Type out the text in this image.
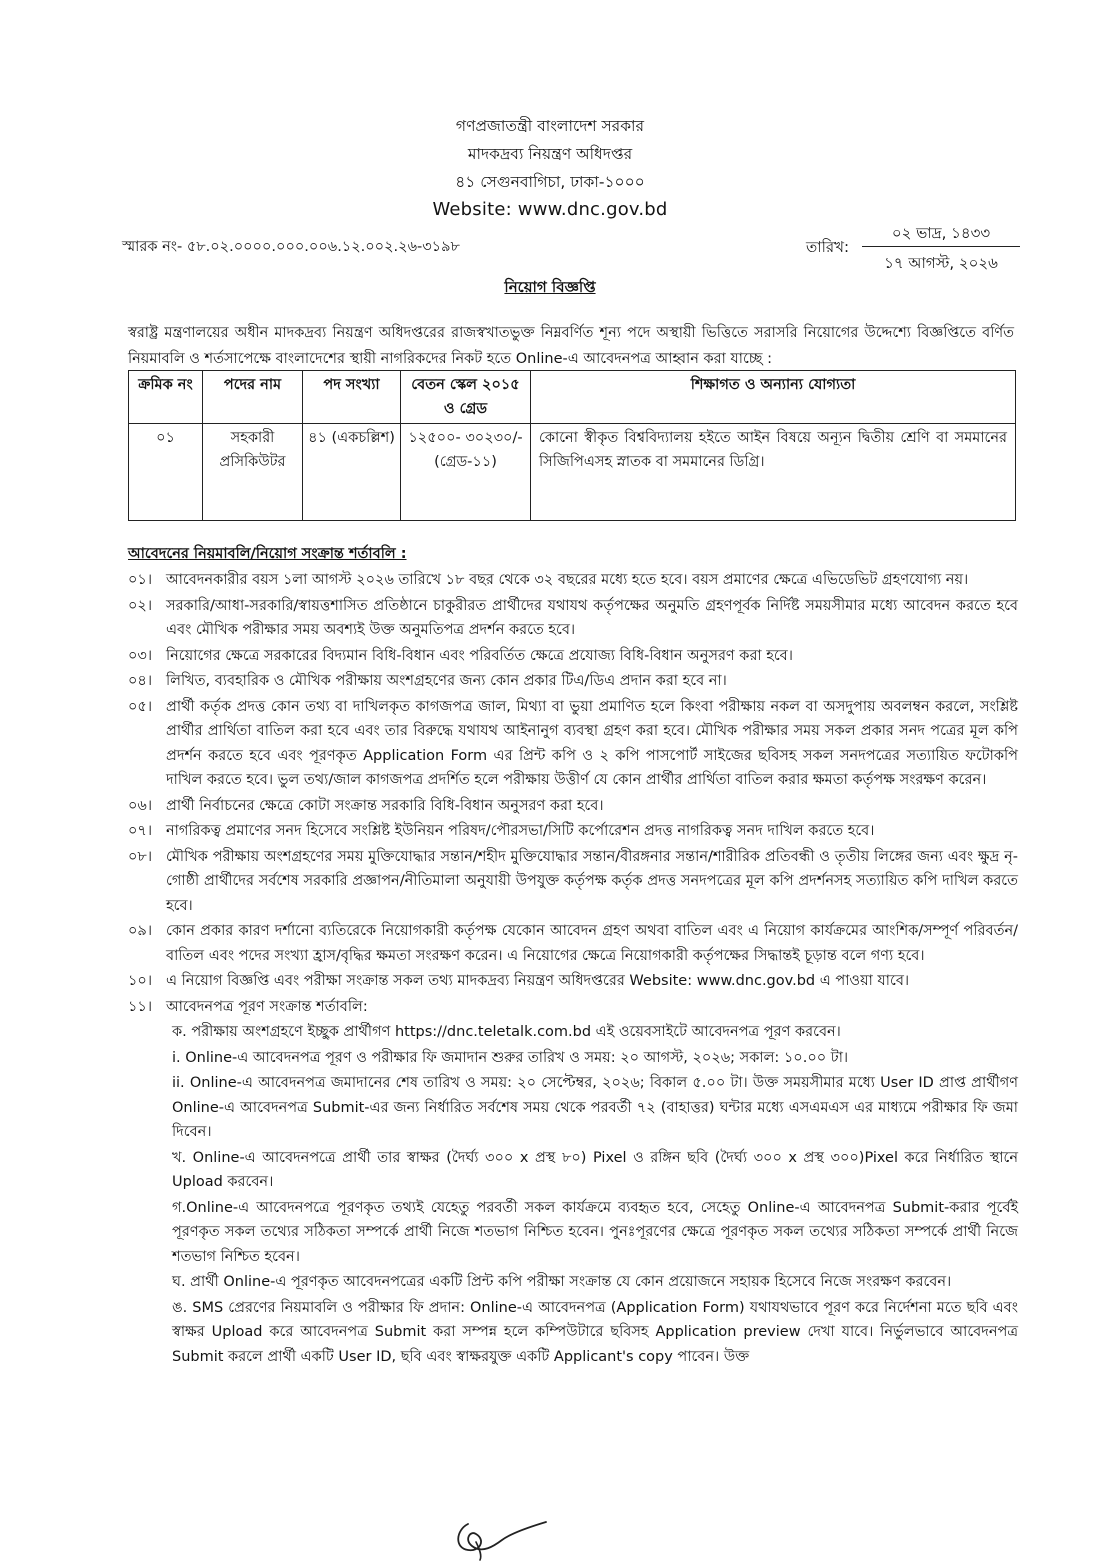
গণপ্রজাতন্ত্রী বাংলাদেশ সরকার
মাদকদ্রব্য নিয়ন্ত্রণ অধিদপ্তর
৪১ সেগুনবাগিচা, ঢাকা-১০০০
Website: www.dnc.gov.bd
স্মারক নং- ৫৮.০২.০০০০.০০০.০০৬.১২.০০২.২৬-৩১৯৮	তারিখ:
০২ ভাদ্র, ১৪৩৩
১৭ আগস্ট, ২০২৬
নিয়োগ বিজ্ঞপ্তি
স্বরাষ্ট্র মন্ত্রণালয়ের অধীন মাদকদ্রব্য নিয়ন্ত্রণ অধিদপ্তরের রাজস্বখাতভুক্ত নিম্নবর্ণিত শূন্য পদে অস্থায়ী ভিত্তিতে সরাসরি নিয়োগের উদ্দেশ্যে বিজ্ঞপ্তিতে বর্ণিত নিয়মাবলি ও শর্তসাপেক্ষে বাংলাদেশের স্থায়ী নাগরিকদের নিকট হতে Online-এ আবেদনপত্র আহ্বান করা যাচ্ছে :
ক্রমিক নং	পদের নাম	পদ সংখ্যা	বেতন স্কেল ২০১৫ ও গ্রেড	শিক্ষাগত ও অন্যান্য যোগ্যতা
০১	সহকারী প্রসিকিউটর	৪১ (একচল্লিশ)	১২৫০০- ৩০২৩০/- (গ্রেড-১১)	কোনো স্বীকৃত বিশ্ববিদ্যালয় হইতে আইন বিষয়ে অন্যূন দ্বিতীয় শ্রেণি বা সমমানের সিজিপিএসহ স্নাতক বা সমমানের ডিগ্রি।
আবেদনের নিয়মাবলি/নিয়োগ সংক্রান্ত শর্তাবলি :
০১। আবেদনকারীর বয়স ১লা আগস্ট ২০২৬ তারিখে ১৮ বছর থেকে ৩২ বছরের মধ্যে হতে হবে। বয়স প্রমাণের ক্ষেত্রে এভিডেভিট গ্রহণযোগ্য নয়।
০২। সরকারি/আধা-সরকারি/স্বায়ত্তশাসিত প্রতিষ্ঠানে চাকুরীরত প্রার্থীদের যথাযথ কর্তৃপক্ষের অনুমতি গ্রহণপূর্বক নির্দিষ্ট সময়সীমার মধ্যে আবেদন করতে হবে এবং মৌখিক পরীক্ষার সময় অবশ্যই উক্ত অনুমতিপত্র প্রদর্শন করতে হবে।
০৩। নিয়োগের ক্ষেত্রে সরকারের বিদ্যমান বিধি-বিধান এবং পরিবর্তিত ক্ষেত্রে প্রযোজ্য বিধি-বিধান অনুসরণ করা হবে।
০৪। লিখিত, ব্যবহারিক ও মৌখিক পরীক্ষায় অংশগ্রহণের জন্য কোন প্রকার টিএ/ডিএ প্রদান করা হবে না।
০৫। প্রার্থী কর্তৃক প্রদত্ত কোন তথ্য বা দাখিলকৃত কাগজপত্র জাল, মিথ্যা বা ভুয়া প্রমাণিত হলে কিংবা পরীক্ষায় নকল বা অসদুপায় অবলম্বন করলে, সংশ্লিষ্ট প্রার্থীর প্রার্থিতা বাতিল করা হবে এবং তার বিরুদ্ধে যথাযথ আইনানুগ ব্যবস্থা গ্রহণ করা হবে। মৌখিক পরীক্ষার সময় সকল প্রকার সনদ পত্রের মূল কপি প্রদর্শন করতে হবে এবং পূরণকৃত Application Form এর প্রিন্ট কপি ও ২ কপি পাসপোর্ট সাইজের ছবিসহ সকল সনদপত্রের সত্যায়িত ফটোকপি দাখিল করতে হবে। ভুল তথ্য/জাল কাগজপত্র প্রদর্শিত হলে পরীক্ষায় উত্তীর্ণ যে কোন প্রার্থীর প্রার্থিতা বাতিল করার ক্ষমতা কর্তৃপক্ষ সংরক্ষণ করেন।
০৬। প্রার্থী নির্বাচনের ক্ষেত্রে কোটা সংক্রান্ত সরকারি বিধি-বিধান অনুসরণ করা হবে।
০৭। নাগরিকত্ব প্রমাণের সনদ হিসেবে সংশ্লিষ্ট ইউনিয়ন পরিষদ/পৌরসভা/সিটি কর্পোরেশন প্রদত্ত নাগরিকত্ব সনদ দাখিল করতে হবে।
০৮। মৌখিক পরীক্ষায় অংশগ্রহণের সময় মুক্তিযোদ্ধার সন্তান/শহীদ মুক্তিযোদ্ধার সন্তান/বীরঙ্গনার সন্তান/শারীরিক প্রতিবন্ধী ও তৃতীয় লিঙ্গের জন্য এবং ক্ষুদ্র নৃ-গোষ্ঠী প্রার্থীদের সর্বশেষ সরকারি প্রজ্ঞাপন/নীতিমালা অনুযায়ী উপযুক্ত কর্তৃপক্ষ কর্তৃক প্রদত্ত সনদপত্রের মূল কপি প্রদর্শনসহ সত্যায়িত কপি দাখিল করতে হবে।
০৯। কোন প্রকার কারণ দর্শানো ব্যতিরেকে নিয়োগকারী কর্তৃপক্ষ যেকোন আবেদন গ্রহণ অথবা বাতিল এবং এ নিয়োগ কার্যক্রমের আংশিক/সম্পূর্ণ পরিবর্তন/বাতিল এবং পদের সংখ্যা হ্রাস/বৃদ্ধির ক্ষমতা সংরক্ষণ করেন। এ নিয়োগের ক্ষেত্রে নিয়োগকারী কর্তৃপক্ষের সিদ্ধান্তই চূড়ান্ত বলে গণ্য হবে।
১০। এ নিয়োগ বিজ্ঞপ্তি এবং পরীক্ষা সংক্রান্ত সকল তথ্য মাদকদ্রব্য নিয়ন্ত্রণ অধিদপ্তরের Website: www.dnc.gov.bd এ পাওয়া যাবে।
১১। আবেদনপত্র পূরণ সংক্রান্ত শর্তাবলি:
ক. পরীক্ষায় অংশগ্রহণে ইচ্ছুক প্রার্থীগণ https://dnc.teletalk.com.bd এই ওয়েবসাইটে আবেদনপত্র পূরণ করবেন।
i. Online-এ আবেদনপত্র পূরণ ও পরীক্ষার ফি জমাদান শুরুর তারিখ ও সময়: ২০ আগস্ট, ২০২৬; সকাল: ১০.০০ টা।
ii. Online-এ আবেদনপত্র জমাদানের শেষ তারিখ ও সময়: ২০ সেপ্টেম্বর, ২০২৬; বিকাল ৫.০০ টা। উক্ত সময়সীমার মধ্যে User ID প্রাপ্ত প্রার্থীগণ Online-এ আবেদনপত্র Submit-এর জন্য নির্ধারিত সর্বশেষ সময় থেকে পরবর্তী ৭২ (বাহাত্তর) ঘন্টার মধ্যে এসএমএস এর মাধ্যমে পরীক্ষার ফি জমা দিবেন।
খ. Online-এ আবেদনপত্রে প্রার্থী তার স্বাক্ষর (দৈর্ঘ্য ৩০০ x প্রস্থ ৮০) Pixel ও রঙ্গিন ছবি (দৈর্ঘ্য ৩০০ x প্রস্থ ৩০০)Pixel করে নির্ধারিত স্থানে Upload করবেন।
গ.Online-এ আবেদনপত্রে পূরণকৃত তথ্যই যেহেতু পরবর্তী সকল কার্যক্রমে ব্যবহৃত হবে, সেহেতু Online-এ আবেদনপত্র Submit-করার পূর্বেই পূরণকৃত সকল তথ্যের সঠিকতা সম্পর্কে প্রার্থী নিজে শতভাগ নিশ্চিত হবেন। পুনঃপূরণের ক্ষেত্রে পূরণকৃত সকল তথ্যের সঠিকতা সম্পর্কে প্রার্থী নিজে শতভাগ নিশ্চিত হবেন।
ঘ. প্রার্থী Online-এ পূরণকৃত আবেদনপত্রের একটি প্রিন্ট কপি পরীক্ষা সংক্রান্ত যে কোন প্রয়োজনে সহায়ক হিসেবে নিজে সংরক্ষণ করবেন।
ঙ. SMS প্রেরণের নিয়মাবলি ও পরীক্ষার ফি প্রদান: Online-এ আবেদনপত্র (Application Form) যথাযথভাবে পূরণ করে নির্দেশনা মতে ছবি এবং স্বাক্ষর Upload করে আবেদনপত্র Submit করা সম্পন্ন হলে কম্পিউটারে ছবিসহ Application preview দেখা যাবে। নির্ভুলভাবে আবেদনপত্র Submit করলে প্রার্থী একটি User ID, ছবি এবং স্বাক্ষরযুক্ত একটি Applicant's copy পাবেন। উক্ত
